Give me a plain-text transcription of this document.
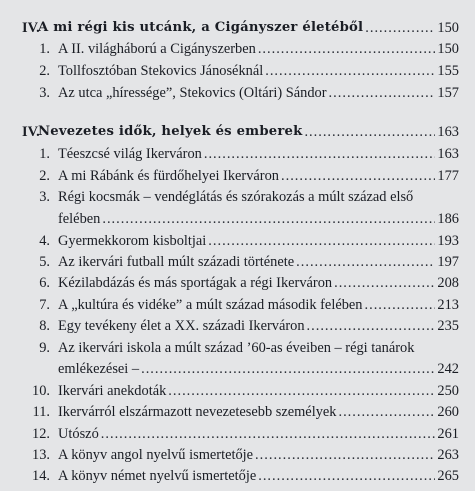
IV.
A mi régi kis utcánk, a Cigányszer életéből .....	150
1. A II. világháború a Cigányszerben .....	150
2. Tollfosztóban Stekovics Jánoséknál .....	155
3. Az utca „híressége”, Stekovics (Oltári) Sándor .....	157
IV.
Nevezetes idők, helyek és emberek .....	163
1. Téeszcsé világ Ikerváron .....	163
2. A mi Rábánk és fürdőhelyei Ikerváron .....	177
3. Régi kocsmák – vendéglátás és szórakozás a múlt század első
felében .....	186
4. Gyermekkorom kisboltjai .....	193
5. Az ikervári futball múlt századi története .....	197
6. Kézilabdázás és más sportágak a régi Ikerváron .....	208
7. A „kultúra és vidéke” a múlt század második felében .....	213
8. Egy tevékeny élet a XX. századi Ikerváron .....	235
9. Az ikervári iskola a múlt század ’60-as éveiben – régi tanárok
emlékezései – .....	242
10. Ikervári anekdoták .....	250
11. Ikervárról elszármazott nevezetesebb személyek .....	260
12. Utószó .....	261
13. A könyv angol nyelvű ismertetője .....	263
14. A könyv német nyelvű ismertetője .....	265
